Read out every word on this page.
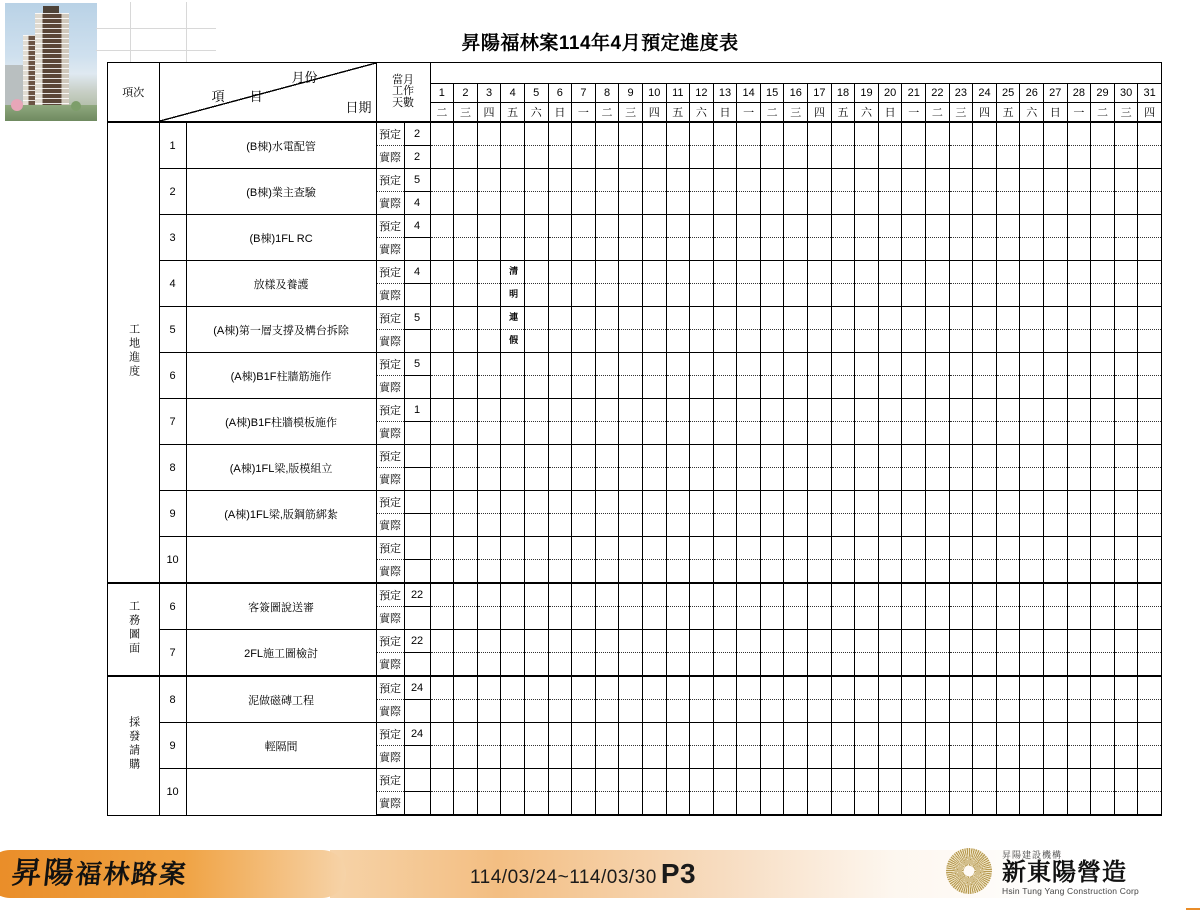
昇陽福林案114年4月預定進度表
項次	
月份
項　目
日期

當月
工作
天數

					1	2	3	4	5	6	7	8	9	10	11	12	13	14	15	16	17	18	19	20	21	22	23	24	25	26	27	28	29	30	31
					二	三	四	五	六	日	一	二	三	四	五	六	日	一	二	三	四	五	六	日	一	二	三	四	五	六	日	一	二	三	四
工地進度	1	(B棟)水電配管	預定	2																															
			實際	2																															
	2	(B棟)業主查驗	預定	5																															
			實際	4																															
	3	(B棟)1FL RC	預定	4																															
			實際																																
	4	放樣及養護	預定	4				清																											
			實際					明																											
	5	(A棟)第一層支撐及構台拆除	預定	5				連																											
			實際					假																											
	6	(A棟)B1F柱牆筋施作	預定	5																															
			實際																																
	7	(A棟)B1F柱牆模板施作	預定	1																															
			實際																																
	8	(A棟)1FL梁,版模組立	預定																																
			實際																																
	9	(A棟)1FL梁,版鋼筋綁紮	預定																																
			實際																																
	10		預定																																
			實際																																
工務圖面	6	客簽圖說送審	預定	22																															
			實際																																
	7	2FL施工圖檢討	預定	22																															
			實際																																
採發請購	8	泥做磁磚工程	預定	24																															
			實際																																
	9	輕隔間	預定	24																															
			實際																																
	10		預定																																
			實際																																
昇陽福林路案	114/03/24~114/03/30 P3
昇陽建設機構
新東陽營造
Hsin Tung Yang Construction Corp
